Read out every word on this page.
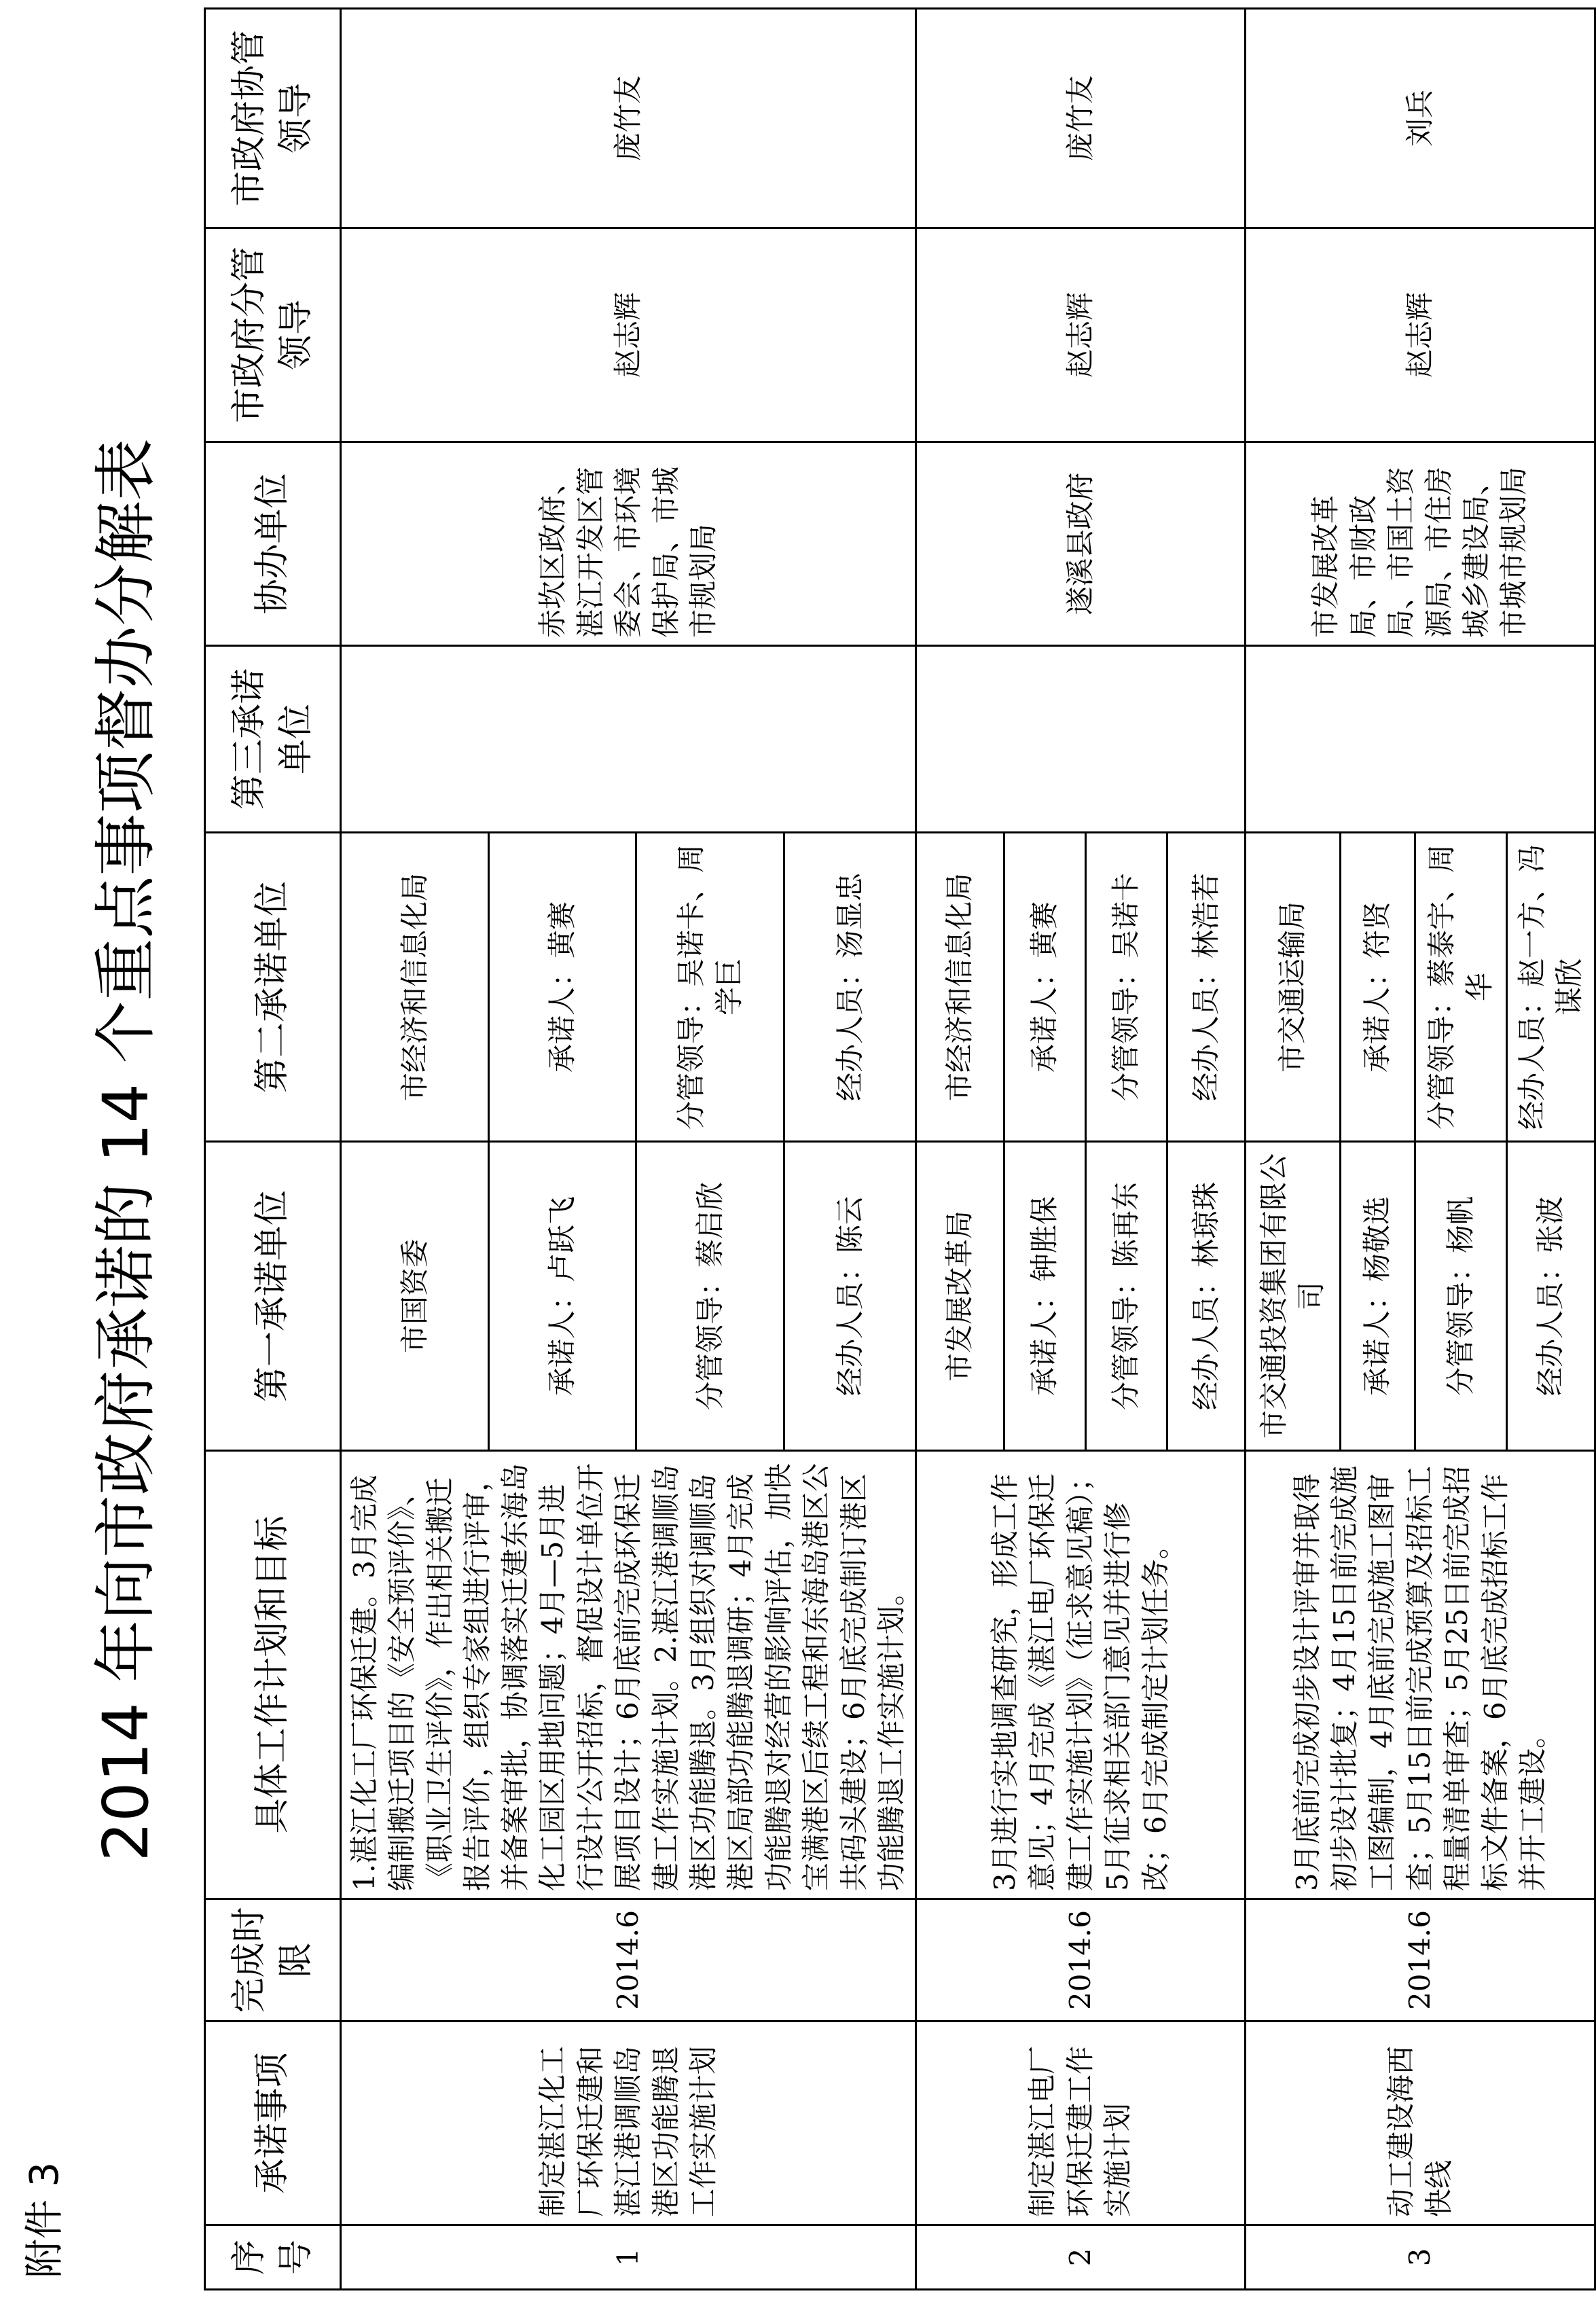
附件 3
2014 年向市政府承诺的 14 个重点事项督办分解表
序号	承诺事项	完成时限	具体工作计划和目标	第一承诺单位	第二承诺单位	第三承诺单位	协办单位	市政府分管领导	市政府协管领导
1	制定湛江化工厂环保迁建和湛江港调顺岛港区功能腾退工作实施计划	2014.6	1.湛江化工厂环保迁建。3月完成编制搬迁项目的《安全预评价》、《职业卫生评价》，作出相关搬迁报告评价，组织专家组进行评审，并备案审批，协调落实迁建东海岛化工园区用地问题；4月—5月进行设计公开招标，督促设计单位开展项目设计；6月底前完成环保迁建工作实施计划。2.湛江港调顺岛港区功能腾退。3月组织对调顺岛港区局部功能腾退调研；4月完成功能腾退对经营的影响评估，加快宝满港区后续工程和东海岛港区公共码头建设；6月底完成制订港区功能腾退工作实施计划。	市国资委	市经济和信息化局		赤坎区政府、湛江开发区管委会、市环境保护局、市城市规划局	赵志辉	庞竹友
				承诺人：卢跃飞	承诺人：黄赛				
				分管领导：蔡启欣	分管领导：吴诺卡、周学巨				
				经办人员：陈云	经办人员：汤显忠				
2	制定湛江电厂环保迁建工作实施计划	2014.6	3月进行实地调查研究，形成工作意见；4月完成《湛江电厂环保迁建工作实施计划》（征求意见稿）；5月征求相关部门意见并进行修改；6月完成制定计划任务。	市发展改革局	市经济和信息化局		遂溪县政府	赵志辉	庞竹友
				承诺人：钟胜保	承诺人：黄赛				
				分管领导：陈再东	分管领导：吴诺卡				
				经办人员：林琼珠	经办人员：林浩若				
3	动工建设海西快线	2014.6	3月底前完成初步设计评审并取得初步设计批复；4月15日前完成施工图编制，4月底前完成施工图审查；5月15日前完成预算及招标工程量清单审查；5月25日前完成招标文件备案，6月底完成招标工作并开工建设。	市交通投资集团有限公司	市交通运输局		市发展改革局、市财政局、市国土资源局、市住房城乡建设局、市城市规划局	赵志辉	刘兵
				承诺人：杨敬选	承诺人：符贤				
				分管领导：杨帆	分管领导：蔡泰宇、周华				
				经办人员：张波	经办人员：赵一方、冯谋欣				
